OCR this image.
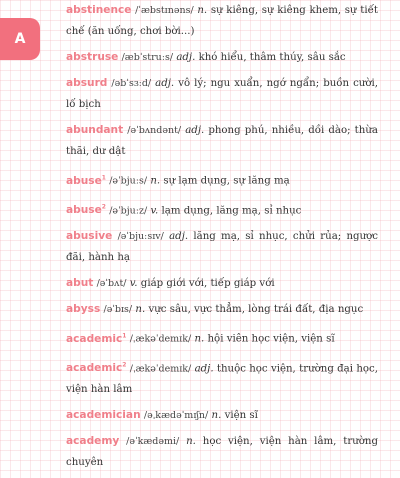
A

abstinence /ˈæbstɪnəns/ n. sự kiêng, sự kiêng khem, sự tiết chế (ăn uống, chơi bời...)

abstruse /æbˈstruːs/ adj. khó hiểu, thâm thúy, sâu sắc

absurd /əbˈsɜːd/ adj. vô lý; ngu xuẩn, ngớ ngẩn; buồn cười, lố bịch

abundant /əˈbʌndənt/ adj. phong phú, nhiều, dồi dào; thừa thãi, dư dật

abuse$^1$ /əˈbjuːs/ n. sự lạm dụng, sự lăng mạ

abuse$^2$ /əˈbjuːz/ v. lạm dụng, lăng mạ, sỉ nhục

abusive /əˈbjuːsɪv/ adj. lăng mạ, sỉ nhục, chửi rủa; ngược đãi, hành hạ

abut /əˈbʌt/ v. giáp giới với, tiếp giáp với

abyss /əˈbɪs/ n. vực sâu, vực thẳm, lòng trái đất, địa ngục

academic$^1$ /ˌækəˈdemɪk/ n. hội viên học viện, viện sĩ

academic$^2$ /ˌækəˈdemɪk/ adj. thuộc học viện, trường đại học, viện hàn lâm

academician /əˌkædəˈmɪʃn/ n. viện sĩ

academy /əˈkædəmi/ n. học viện, viện hàn lâm, trường chuyên
